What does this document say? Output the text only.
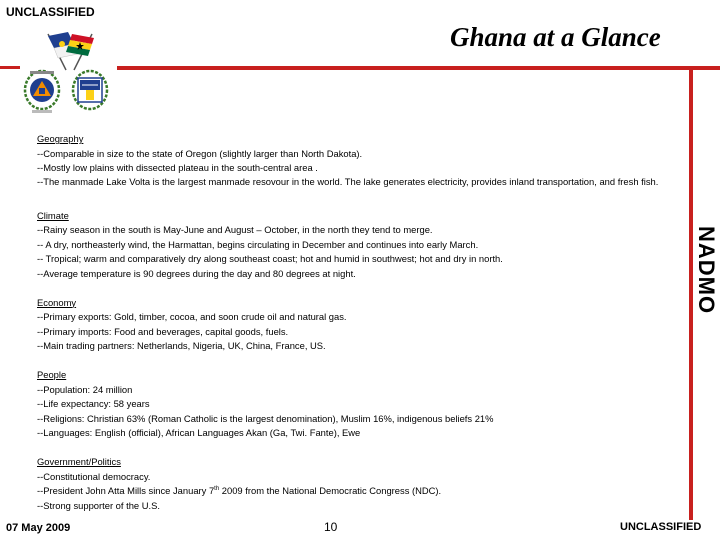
UNCLASSIFIED
Ghana at a Glance
NADMO
Geography
--Comparable in size to the state of Oregon (slightly larger than North Dakota).
--Mostly low plains with dissected plateau in the south-central area .
--The manmade Lake Volta is the largest manmade resovour in the world. The lake generates electricity, provides inland transportation, and fresh fish.
Climate
--Rainy season in the south is May-June and August – October, in the north they tend to merge.
-- A dry, northeasterly wind, the Harmattan, begins circulating in December and continues into early March.
-- Tropical; warm and comparatively dry along southeast coast; hot and humid in southwest; hot and dry in north.
--Average temperature is 90 degrees during the day and 80 degrees at night.
Economy
--Primary exports: Gold, timber, cocoa, and soon crude oil and natural gas.
--Primary imports: Food and beverages, capital goods, fuels.
--Main trading partners: Netherlands, Nigeria, UK, China, France, US.
People
--Population: 24 million
--Life expectancy: 58 years
--Religions: Christian 63% (Roman Catholic is the largest denomination), Muslim 16%, indigenous beliefs 21%
--Languages: English (official), African Languages Akan (Ga, Twi. Fante), Ewe
Government/Politics
--Constitutional democracy.
--President John Atta Mills since January 7th 2009 from the National Democratic Congress (NDC).
--Strong supporter of the U.S.
07 May 2009	10	UNCLASSIFIED
